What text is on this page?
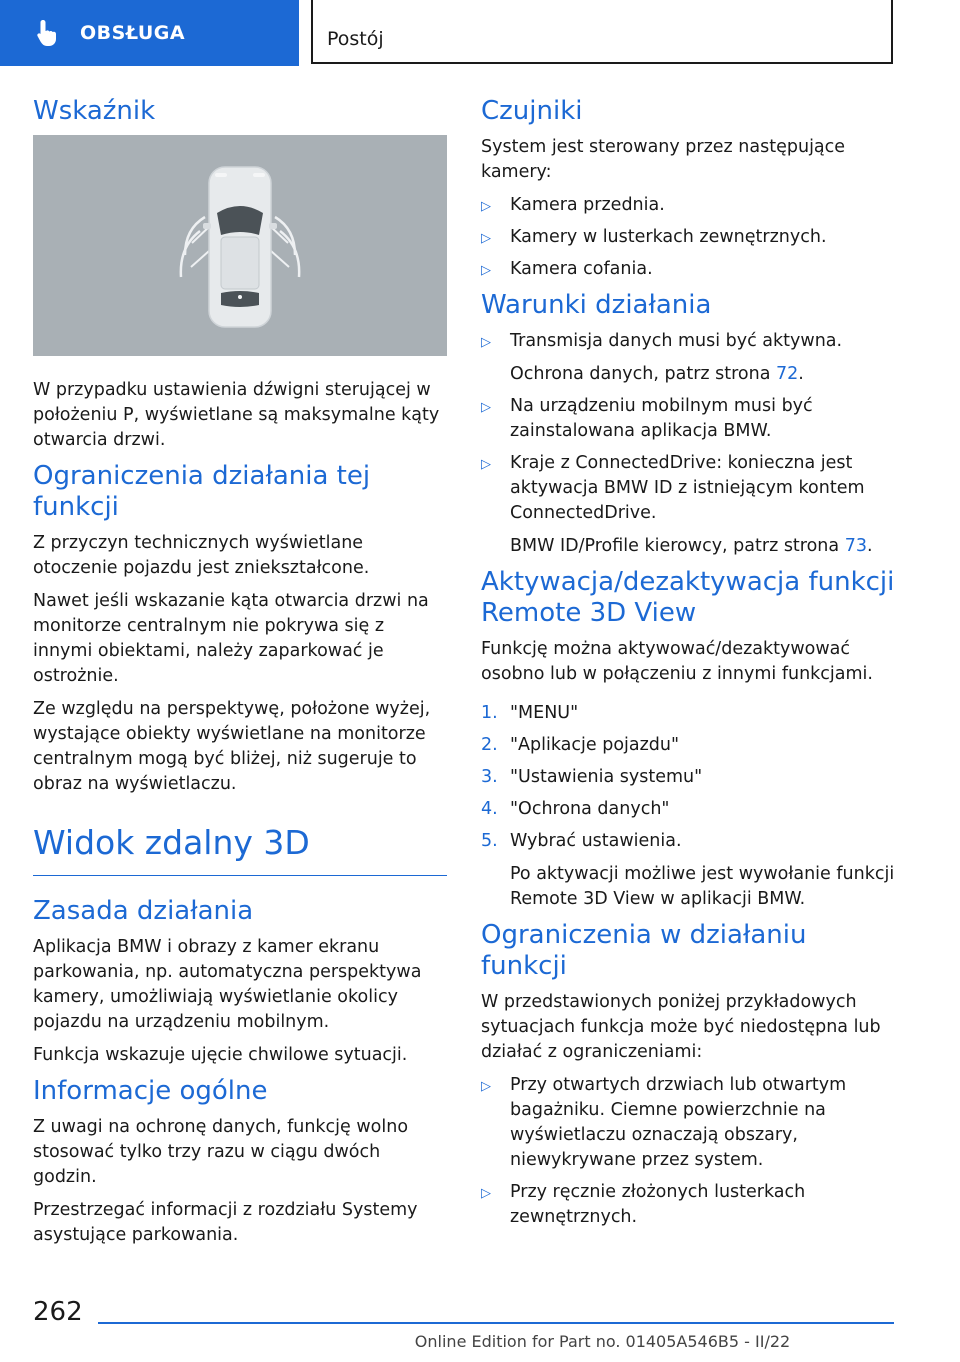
OBSŁUGA	Postój
Wskaźnik

W przypadku ustawienia dźwigni sterującej w położeniu P, wyświetlane są maksymalne kąty otwarcia drzwi.

Ograniczenia działania tej funkcji

Z przyczyn technicznych wyświetlane otoczenie pojazdu jest zniekształcone.

Nawet jeśli wskazanie kąta otwarcia drzwi na monitorze centralnym nie pokrywa się z innymi obiektami, należy zaparkować je ostrożnie.

Ze względu na perspektywę, położone wyżej, wystające obiekty wyświetlane na monitorze centralnym mogą być bliżej, niż sugeruje to obraz na wyświetlaczu.

Widok zdalny 3D
Zasada działania

Aplikacja BMW i obrazy z kamer ekranu parkowania, np. automatyczna perspektywa kamery, umożliwiają wyświetlanie okolicy pojazdu na urządzeniu mobilnym.

Funkcja wskazuje ujęcie chwilowe sytuacji.

Informacje ogólne

Z uwagi na ochronę danych, funkcję wolno stosować tylko trzy razu w ciągu dwóch godzin.

Przestrzegać informacji z rozdziału Systemy asystujące parkowania.

Czujniki

System jest sterowany przez następujące kamery:

▷ Kamera przednia.
▷ Kamery w lusterkach zewnętrznych.
▷ Kamera cofania.
Warunki działania
▷ Transmisja danych musi być aktywna.
Ochrona danych, patrz strona 72.
▷ Na urządzeniu mobilnym musi być zainstalowana aplikacja BMW.
▷ Kraje z ConnectedDrive: konieczna jest aktywacja BMW ID z istniejącym kontem ConnectedDrive.
BMW ID/Profile kierowcy, patrz strona 73.
Aktywacja/dezaktywacja funkcji Remote 3D View

Funkcję można aktywować/dezaktywować osobno lub w połączeniu z innymi funkcjami.

1. "MENU"
2. "Aplikacje pojazdu"
3. "Ustawienia systemu"
4. "Ochrona danych"
5. Wybrać ustawienia.
Po aktywacji możliwe jest wywołanie funkcji Remote 3D View w aplikacji BMW.
Ograniczenia w działaniu funkcji

W przedstawionych poniżej przykładowych sytuacjach funkcja może być niedostępna lub działać z ograniczeniami:

▷ Przy otwartych drzwiach lub otwartym bagażniku. Ciemne powierzchnie na wyświetlaczu oznaczają obszary, niewykrywane przez system.
▷ Przy ręcznie złożonych lusterkach zewnętrznych.
262
Online Edition for Part no. 01405A546B5 - II/22
